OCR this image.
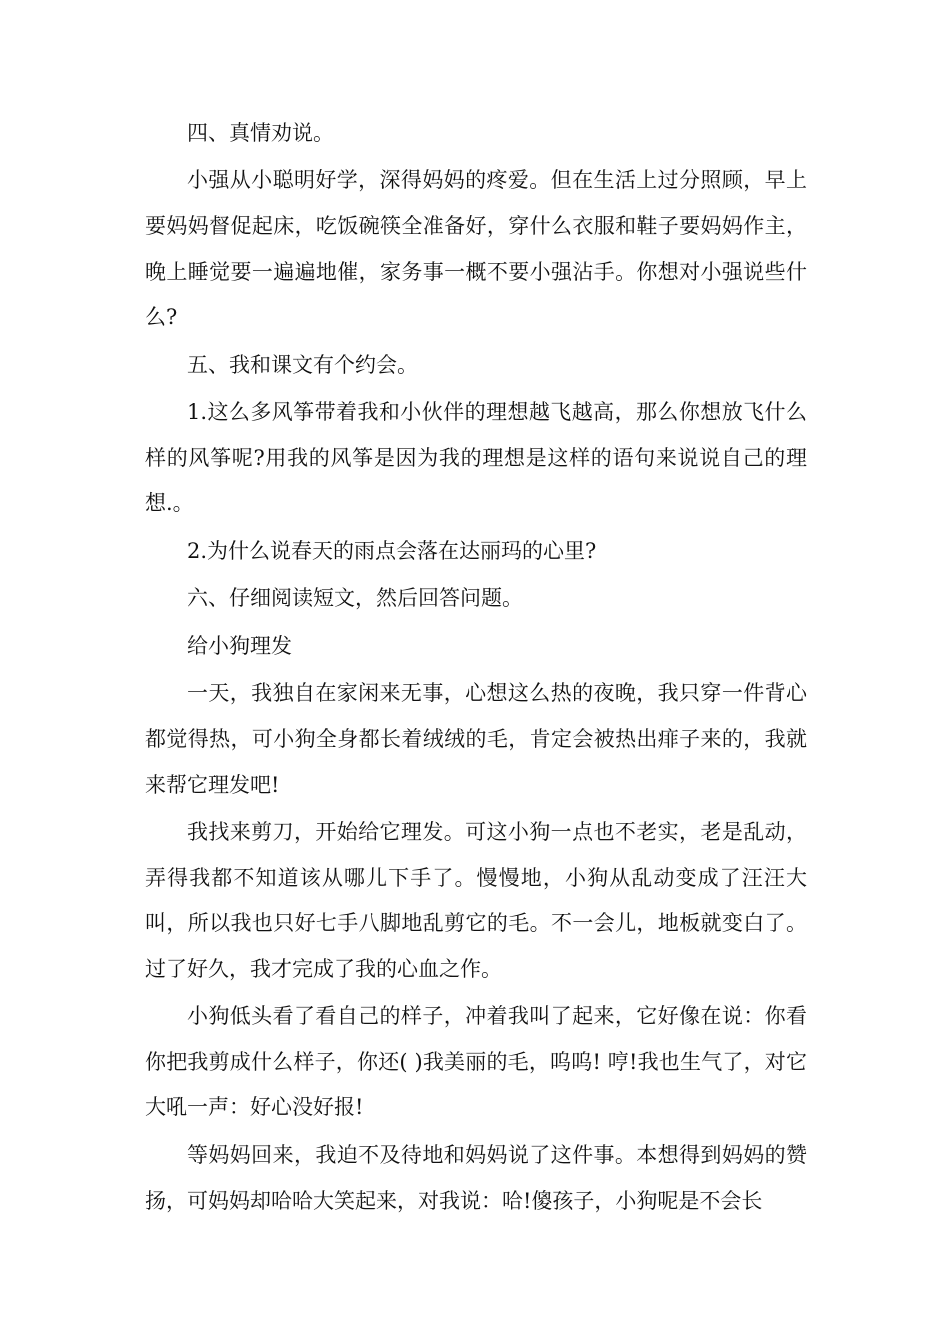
四、真情劝说。

小强从小聪明好学，深得妈妈的疼爱。但在生活上过分照顾，早上要妈妈督促起床，吃饭碗筷全准备好，穿什么衣服和鞋子要妈妈作主，晚上睡觉要一遍遍地催，家务事一概不要小强沾手。你想对小强说些什么?

五、我和课文有个约会。

1.这么多风筝带着我和小伙伴的理想越飞越高，那么你想放飞什么样的风筝呢?用我的风筝是因为我的理想是这样的语句来说说自己的理想.。

2.为什么说春天的雨点会落在达丽玛的心里?

六、仔细阅读短文，然后回答问题。

给小狗理发

一天，我独自在家闲来无事，心想这么热的夜晚，我只穿一件背心都觉得热，可小狗全身都长着绒绒的毛，肯定会被热出痱子来的，我就来帮它理发吧!

我找来剪刀，开始给它理发。可这小狗一点也不老实，老是乱动，弄得我都不知道该从哪儿下手了。慢慢地，小狗从乱动变成了汪汪大叫，所以我也只好七手八脚地乱剪它的毛。不一会儿，地板就变白了。过了好久，我才完成了我的心血之作。

小狗低头看了看自己的样子，冲着我叫了起来，它好像在说：你看你把我剪成什么样子，你还( )我美丽的毛，呜呜! 哼!我也生气了，对它大吼一声：好心没好报!

等妈妈回来，我迫不及待地和妈妈说了这件事。本想得到妈妈的赞扬，可妈妈却哈哈大笑起来，对我说：哈!傻孩子，小狗呢是不会长
